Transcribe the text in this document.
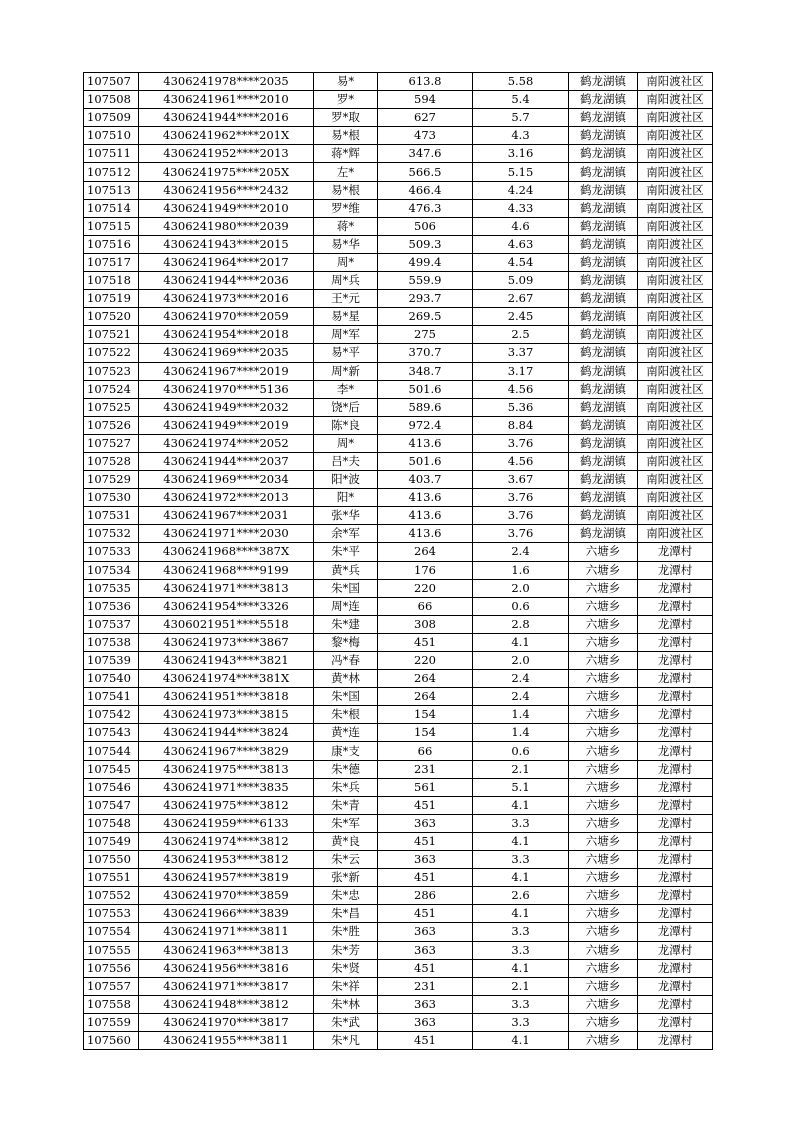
107507	4306241978****2035	易*	613.8	5.58	鹤龙湖镇	南阳渡社区
107508	4306241961****2010	罗*	594	5.4	鹤龙湖镇	南阳渡社区
107509	4306241944****2016	罗*取	627	5.7	鹤龙湖镇	南阳渡社区
107510	4306241962****201X	易*根	473	4.3	鹤龙湖镇	南阳渡社区
107511	4306241952****2013	蒋*辉	347.6	3.16	鹤龙湖镇	南阳渡社区
107512	4306241975****205X	左*	566.5	5.15	鹤龙湖镇	南阳渡社区
107513	4306241956****2432	易*根	466.4	4.24	鹤龙湖镇	南阳渡社区
107514	4306241949****2010	罗*维	476.3	4.33	鹤龙湖镇	南阳渡社区
107515	4306241980****2039	蒋*	506	4.6	鹤龙湖镇	南阳渡社区
107516	4306241943****2015	易*华	509.3	4.63	鹤龙湖镇	南阳渡社区
107517	4306241964****2017	周*	499.4	4.54	鹤龙湖镇	南阳渡社区
107518	4306241944****2036	周*兵	559.9	5.09	鹤龙湖镇	南阳渡社区
107519	4306241973****2016	王*元	293.7	2.67	鹤龙湖镇	南阳渡社区
107520	4306241970****2059	易*星	269.5	2.45	鹤龙湖镇	南阳渡社区
107521	4306241954****2018	周*军	275	2.5	鹤龙湖镇	南阳渡社区
107522	4306241969****2035	易*平	370.7	3.37	鹤龙湖镇	南阳渡社区
107523	4306241967****2019	周*新	348.7	3.17	鹤龙湖镇	南阳渡社区
107524	4306241970****5136	李*	501.6	4.56	鹤龙湖镇	南阳渡社区
107525	4306241949****2032	饶*后	589.6	5.36	鹤龙湖镇	南阳渡社区
107526	4306241949****2019	陈*良	972.4	8.84	鹤龙湖镇	南阳渡社区
107527	4306241974****2052	周*	413.6	3.76	鹤龙湖镇	南阳渡社区
107528	4306241944****2037	吕*夫	501.6	4.56	鹤龙湖镇	南阳渡社区
107529	4306241969****2034	阳*波	403.7	3.67	鹤龙湖镇	南阳渡社区
107530	4306241972****2013	阳*	413.6	3.76	鹤龙湖镇	南阳渡社区
107531	4306241967****2031	张*华	413.6	3.76	鹤龙湖镇	南阳渡社区
107532	4306241971****2030	余*军	413.6	3.76	鹤龙湖镇	南阳渡社区
107533	4306241968****387X	朱*平	264	2.4	六塘乡	龙潭村
107534	4306241968****9199	黄*兵	176	1.6	六塘乡	龙潭村
107535	4306241971****3813	朱*国	220	2.0	六塘乡	龙潭村
107536	4306241954****3326	周*连	66	0.6	六塘乡	龙潭村
107537	4306021951****5518	朱*建	308	2.8	六塘乡	龙潭村
107538	4306241973****3867	黎*梅	451	4.1	六塘乡	龙潭村
107539	4306241943****3821	冯*春	220	2.0	六塘乡	龙潭村
107540	4306241974****381X	黄*林	264	2.4	六塘乡	龙潭村
107541	4306241951****3818	朱*国	264	2.4	六塘乡	龙潭村
107542	4306241973****3815	朱*根	154	1.4	六塘乡	龙潭村
107543	4306241944****3824	黄*连	154	1.4	六塘乡	龙潭村
107544	4306241967****3829	康*支	66	0.6	六塘乡	龙潭村
107545	4306241975****3813	朱*德	231	2.1	六塘乡	龙潭村
107546	4306241971****3835	朱*兵	561	5.1	六塘乡	龙潭村
107547	4306241975****3812	朱*青	451	4.1	六塘乡	龙潭村
107548	4306241959****6133	朱*军	363	3.3	六塘乡	龙潭村
107549	4306241974****3812	黄*良	451	4.1	六塘乡	龙潭村
107550	4306241953****3812	朱*云	363	3.3	六塘乡	龙潭村
107551	4306241957****3819	张*新	451	4.1	六塘乡	龙潭村
107552	4306241970****3859	朱*忠	286	2.6	六塘乡	龙潭村
107553	4306241966****3839	朱*昌	451	4.1	六塘乡	龙潭村
107554	4306241971****3811	朱*胜	363	3.3	六塘乡	龙潭村
107555	4306241963****3813	朱*芳	363	3.3	六塘乡	龙潭村
107556	4306241956****3816	朱*贤	451	4.1	六塘乡	龙潭村
107557	4306241971****3817	朱*祥	231	2.1	六塘乡	龙潭村
107558	4306241948****3812	朱*林	363	3.3	六塘乡	龙潭村
107559	4306241970****3817	朱*武	363	3.3	六塘乡	龙潭村
107560	4306241955****3811	朱*凡	451	4.1	六塘乡	龙潭村
